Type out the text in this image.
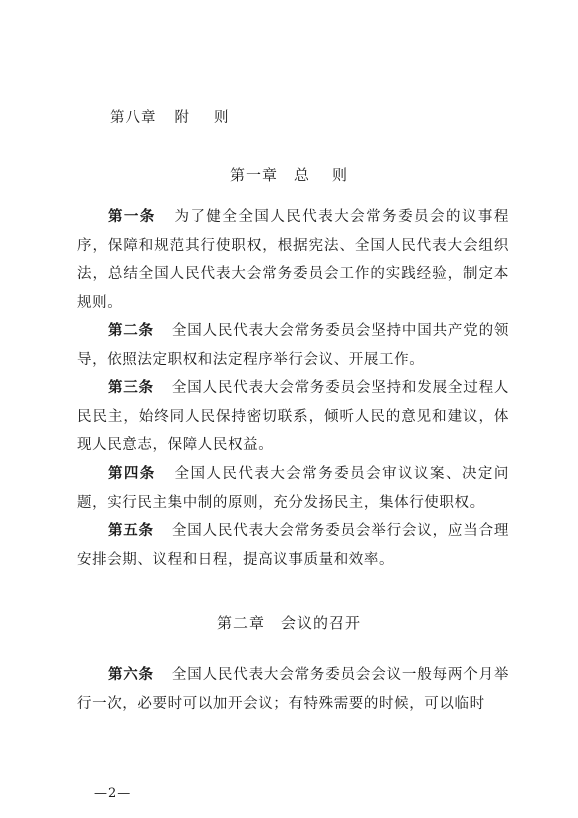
第八章 附 则
第一章 总 则

第一条 为了健全全国人民代表大会常务委员会的议事程序，保障和规范其行使职权，根据宪法、全国人民代表大会组织法，总结全国人民代表大会常务委员会工作的实践经验，制定本规则。

第二条 全国人民代表大会常务委员会坚持中国共产党的领导，依照法定职权和法定程序举行会议、开展工作。

第三条 全国人民代表大会常务委员会坚持和发展全过程人民民主，始终同人民保持密切联系，倾听人民的意见和建议，体现人民意志，保障人民权益。

第四条 全国人民代表大会常务委员会审议议案、决定问题，实行民主集中制的原则，充分发扬民主，集体行使职权。

第五条 全国人民代表大会常务委员会举行会议，应当合理安排会期、议程和日程，提高议事质量和效率。

第二章 会议的召开

第六条 全国人民代表大会常务委员会会议一般每两个月举行一次，必要时可以加开会议；有特殊需要的时候，可以临时

—2—
